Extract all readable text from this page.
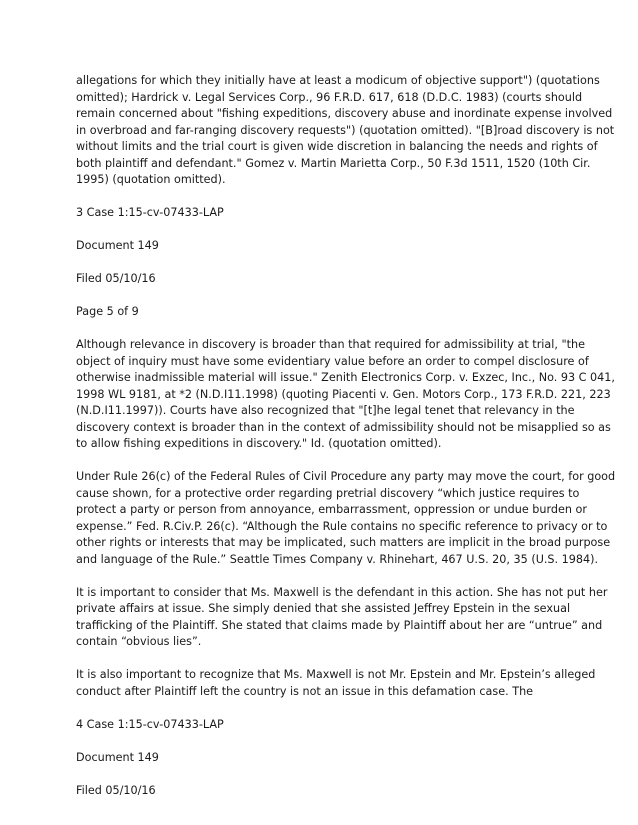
allegations for which they initially have at least a modicum of objective support") (quotations
omitted); Hardrick v. Legal Services Corp., 96 F.R.D. 617, 618 (D.D.C. 1983) (courts should
remain concerned about "fishing expeditions, discovery abuse and inordinate expense involved
in overbroad and far-ranging discovery requests") (quotation omitted). "[B]road discovery is not
without limits and the trial court is given wide discretion in balancing the needs and rights of
both plaintiff and defendant." Gomez v. Martin Marietta Corp., 50 F.3d 1511, 1520 (10th Cir.
1995) (quotation omitted).

3 Case 1:15-cv-07433-LAP

Document 149

Filed 05/10/16

Page 5 of 9

Although relevance in discovery is broader than that required for admissibility at trial, "the
object of inquiry must have some evidentiary value before an order to compel disclosure of
otherwise inadmissible material will issue." Zenith Electronics Corp. v. Exzec, Inc., No. 93 C 041,
1998 WL 9181, at *2 (N.D.I11.1998) (quoting Piacenti v. Gen. Motors Corp., 173 F.R.D. 221, 223
(N.D.I11.1997)). Courts have also recognized that "[t]he legal tenet that relevancy in the
discovery context is broader than in the context of admissibility should not be misapplied so as
to allow fishing expeditions in discovery." Id. (quotation omitted).

Under Rule 26(c) of the Federal Rules of Civil Procedure any party may move the court, for good
cause shown, for a protective order regarding pretrial discovery “which justice requires to
protect a party or person from annoyance, embarrassment, oppression or undue burden or
expense.” Fed. R.Civ.P. 26(c). “Although the Rule contains no specific reference to privacy or to
other rights or interests that may be implicated, such matters are implicit in the broad purpose
and language of the Rule.” Seattle Times Company v. Rhinehart, 467 U.S. 20, 35 (U.S. 1984).

It is important to consider that Ms. Maxwell is the defendant in this action. She has not put her
private affairs at issue. She simply denied that she assisted Jeffrey Epstein in the sexual
trafficking of the Plaintiff. She stated that claims made by Plaintiff about her are “untrue” and
contain “obvious lies”.

It is also important to recognize that Ms. Maxwell is not Mr. Epstein and Mr. Epstein’s alleged
conduct after Plaintiff left the country is not an issue in this defamation case. The

4 Case 1:15-cv-07433-LAP

Document 149

Filed 05/10/16
